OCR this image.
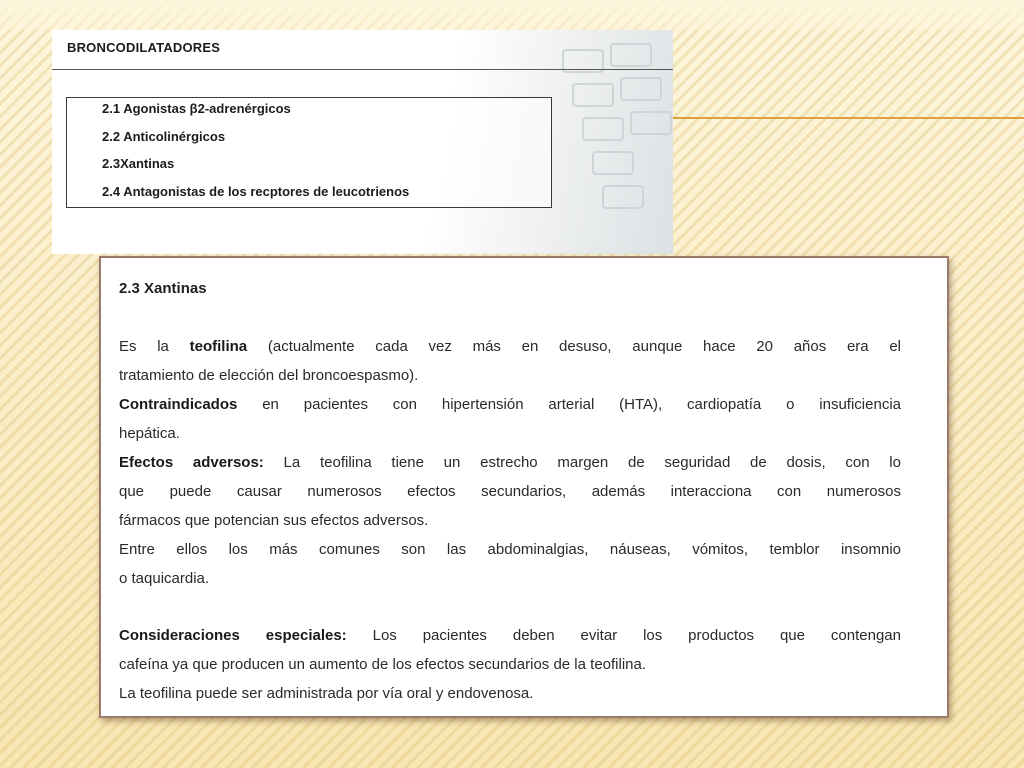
BRONCODILATADORES
2.1 Agonistas β2-adrenérgicos
2.2 Anticolinérgicos
2.3Xantinas
2.4 Antagonistas de los recptores de leucotrienos
2.3 Xantinas
Es la teofilina (actualmente cada vez más en desuso, aunque hace 20 años era el
tratamiento de elección del broncoespasmo).
Contraindicados en pacientes con hipertensión arterial (HTA), cardiopatía o insuficiencia
hepática.
Efectos adversos: La teofilina tiene un estrecho margen de seguridad de dosis, con lo
que puede causar numerosos efectos secundarios, además interacciona con numerosos
fármacos que potencian sus efectos adversos.
Entre ellos los más comunes son las abdominalgias, náuseas, vómitos, temblor insomnio
o taquicardia.
Consideraciones especiales: Los pacientes deben evitar los productos que contengan
cafeína ya que producen un aumento de los efectos secundarios de la teofilina.
La teofilina puede ser administrada por vía oral y endovenosa.
